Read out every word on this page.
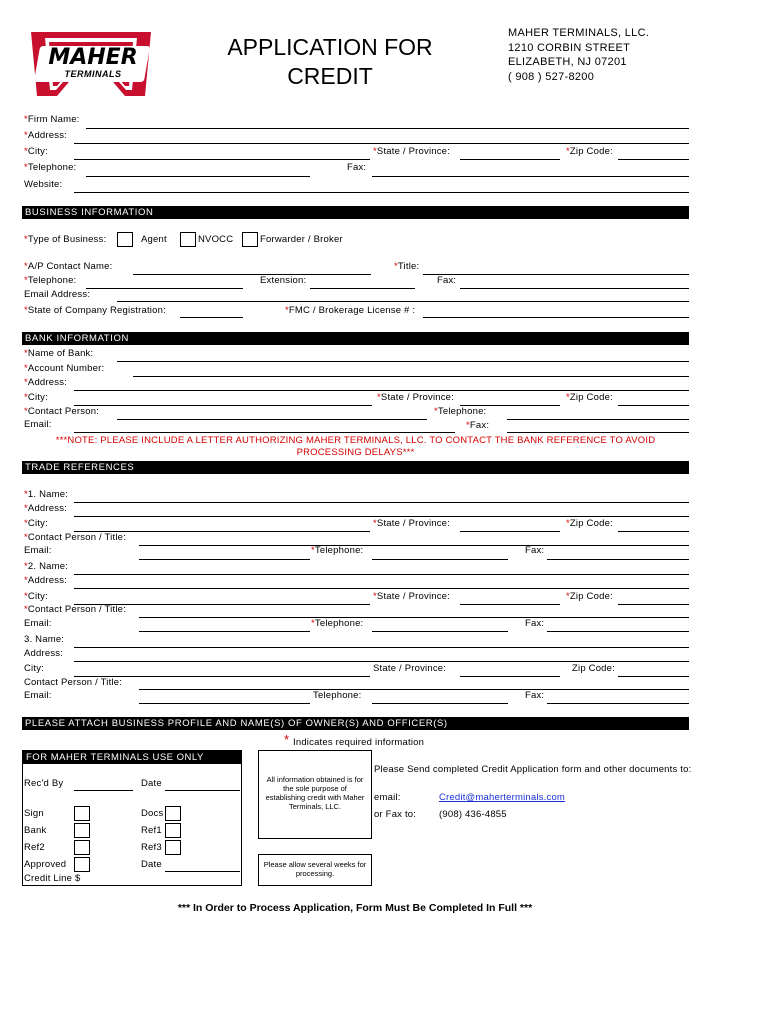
MAHER
TERMINALS
APPLICATION FOR
CREDIT
MAHER TERMINALS, LLC.
1210 CORBIN STREET
ELIZABETH, NJ 07201
( 908 ) 527-8200
*Firm Name:
*Address:
*City:	*State / Province:	*Zip Code:
*Telephone:	Fax:
Website:
BUSINESS INFORMATION
*Type of Business:	Agent	NVOCC	Forwarder / Broker
*A/P Contact Name:	*Title:
*Telephone:	Extension:	Fax:
Email Address:
*State of Company Registration:	*FMC / Brokerage License # :
BANK INFORMATION
*Name of Bank:
*Account Number:
*Address:
*City:	*State / Province:	*Zip Code:
*Contact Person:	*Telephone:
Email:	*Fax:
***NOTE: PLEASE INCLUDE A LETTER AUTHORIZING MAHER TERMINALS, LLC. TO CONTACT THE BANK REFERENCE TO AVOID
PROCESSING DELAYS***
TRADE REFERENCES
*1. Name:
*Address:
*City:	*State / Province:	*Zip Code:
*Contact Person / Title:
Email:	*Telephone:	Fax:
*2. Name:
*Address:
*City:	*State / Province:	*Zip Code:
*Contact Person / Title:
Email:	*Telephone:	Fax:
3. Name:
Address:
City:	State / Province:	Zip Code:
Contact Person / Title:
Email:	Telephone:	Fax:
PLEASE ATTACH BUSINESS PROFILE AND NAME(S) OF OWNER(S) AND OFFICER(S)
* Indicates required information
FOR MAHER TERMINALS USE ONLY
Rec'd By	Date
Sign	Docs
Bank	Ref1
Ref2	Ref3
Approved	Date
Credit Line $
All information obtained is for the sole purpose of establishing credit with Maher Terminals, LLC.
Please allow several weeks for processing.
Please Send completed Credit Application form and other documents to:
email:	Credit@maherterminals.com
or Fax to: (908) 436-4855
*** In Order to Process Application, Form Must Be Completed In Full ***
